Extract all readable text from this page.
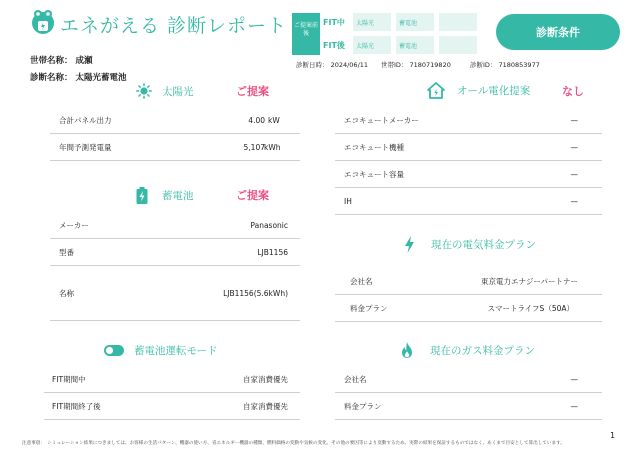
エネがえる 診断レポート	ご提案前後
FIT中	太陽光	蓄電池
FIT後	太陽光	蓄電池
診断条件
世帯名称： 成瀬
診断名称： 太陽光蓄電池
診断日時： 2024/06/11 世帯ID： 7180719820	診断ID： 7180853977
太陽光	ご提案
合計パネル出力	4.00 kW
年間予測発電量	5,107 kWh
蓄電池	ご提案
メーカー	Panasonic
型番	LJB1156
名称	LJB1156(5.6kWh)
蓄電池運転モード
FIT期間中	自家消費優先
FIT期間終了後	自家消費優先
オール電化提案	なし
エコキュートメーカー	—
エコキュート機種	—
エコキュート容量	—
IH	—
現在の電気料金プラン
会社名	東京電力エナジーパートナー
料金プラン	スマートライフS（50A）
現在のガス料金プラン
会社名	—
料金プラン	—
1
注意事項：　シミュレーション結果につきましては、お客様の生活パターン、機器の使い方、省エネルギー機器の種類、燃料価格の変動や気候の変化、その他の要因等により変動するため、実際の結果を保証するものではなく、あくまで目安として算出しています。
